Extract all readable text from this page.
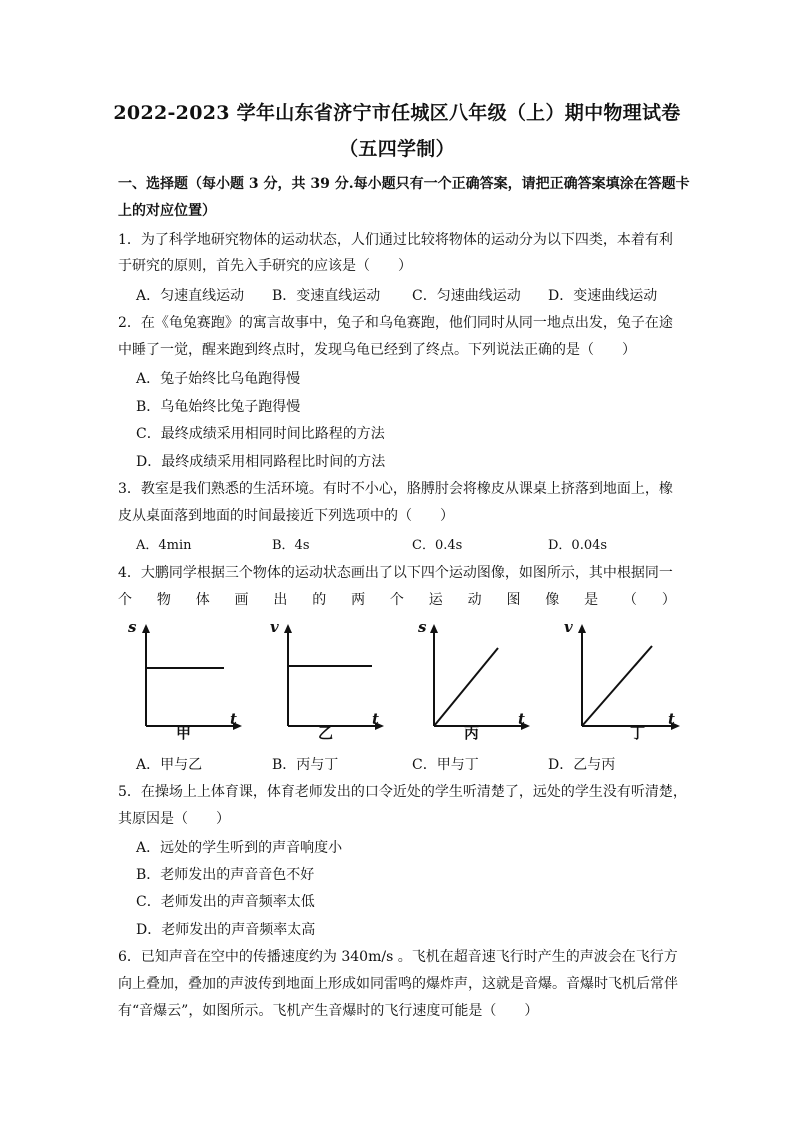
2022-2023 学年山东省济宁市任城区八年级（上）期中物理试卷
（五四学制）
一、选择题（每小题 3 分，共 39 分.每小题只有一个正确答案，请把正确答案填涂在答题卡
上的对应位置）
1．为了科学地研究物体的运动状态，人们通过比较将物体的运动分为以下四类，本着有利
于研究的原则，首先入手研究的应该是（　　）
A．匀速直线运动 B．变速直线运动 C．匀速曲线运动 D．变速曲线运动
2．在《龟兔赛跑》的寓言故事中，兔子和乌龟赛跑，他们同时从同一地点出发，兔子在途
中睡了一觉，醒来跑到终点时，发现乌龟已经到了终点。下列说法正确的是（　　）
A．兔子始终比乌龟跑得慢
B．乌龟始终比兔子跑得慢
C．最终成绩采用相同时间比路程的方法
D．最终成绩采用相同路程比时间的方法
3．教室是我们熟悉的生活环境。有时不小心，胳膊肘会将橡皮从课桌上挤落到地面上，橡
皮从桌面落到地面的时间最接近下列选项中的（　　）
A．4min	B．4s	C．0.4s	D．0.04s
4．大鹏同学根据三个物体的运动状态画出了以下四个运动图像，如图所示，其中根据同一
个 物 体 画 出 的 两 个 运 动 图 像 是 （ ）
s
t
甲
v
t
乙
s
t
丙
v
t
丁
A．甲与乙	B．丙与丁	C．甲与丁	D．乙与丙
5．在操场上上体育课，体育老师发出的口令近处的学生听清楚了，远处的学生没有听清楚，
其原因是（　　）
A．远处的学生听到的声音响度小
B．老师发出的声音音色不好
C．老师发出的声音频率太低
D．老师发出的声音频率太高
6．已知声音在空中的传播速度约为 340m/s 。飞机在超音速飞行时产生的声波会在飞行方
向上叠加，叠加的声波传到地面上形成如同雷鸣的爆炸声，这就是音爆。音爆时飞机后常伴
有“音爆云”，如图所示。飞机产生音爆时的飞行速度可能是（　　）
